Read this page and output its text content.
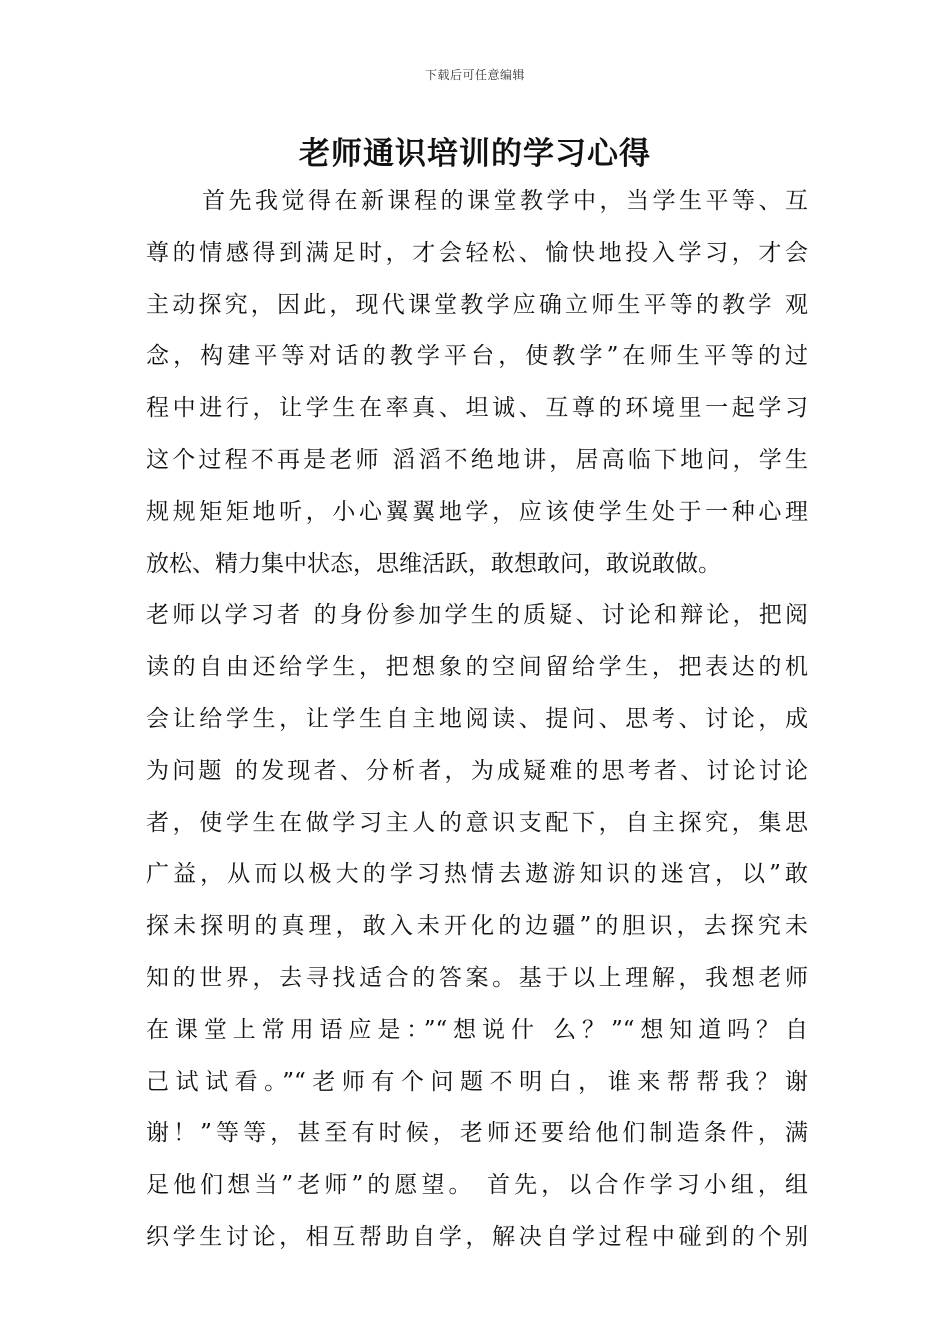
下载后可任意编辑
老师通识培训的学习心得
首先我觉得在新课程的课堂教学中，当学生平等、互
尊的情感得到满足时，才会轻松、愉快地投入学习，才会
主动探究，因此，现代课堂教学应确立师生平等的教学 观
念，构建平等对话的教学平台，使教学”在师生平等的过
程中进行，让学生在率真、坦诚、互尊的环境里一起学习
这个过程不再是老师 滔滔不绝地讲，居高临下地问，学生
规规矩矩地听，小心翼翼地学，应该使学生处于一种心理
放松、精力集中状态，思维活跃，敢想敢问，敢说敢做。
老师以学习者 的身份参加学生的质疑、讨论和辩论，把阅
读的自由还给学生，把想象的空间留给学生，把表达的机
会让给学生，让学生自主地阅读、提问、思考、讨论，成
为问题 的发现者、分析者，为成疑难的思考者、讨论讨论
者，使学生在做学习主人的意识支配下，自主探究，集思
广益，从而以极大的学习热情去遨游知识的迷宫，以”敢
探未探明的真理，敢入未开化的边疆”的胆识，去探究未
知的世界，去寻找适合的答案。基于以上理解，我想老师
在课堂上常用语应是：”“想说什 么？”“想知道吗？自
己试试看。”“老师有个问题不明白，谁来帮帮我？谢
谢！”等等，甚至有时候，老师还要给他们制造条件，满
足他们想当”老师”的愿望。 首先，以合作学习小组，组
织学生讨论，相互帮助自学，解决自学过程中碰到的个别
